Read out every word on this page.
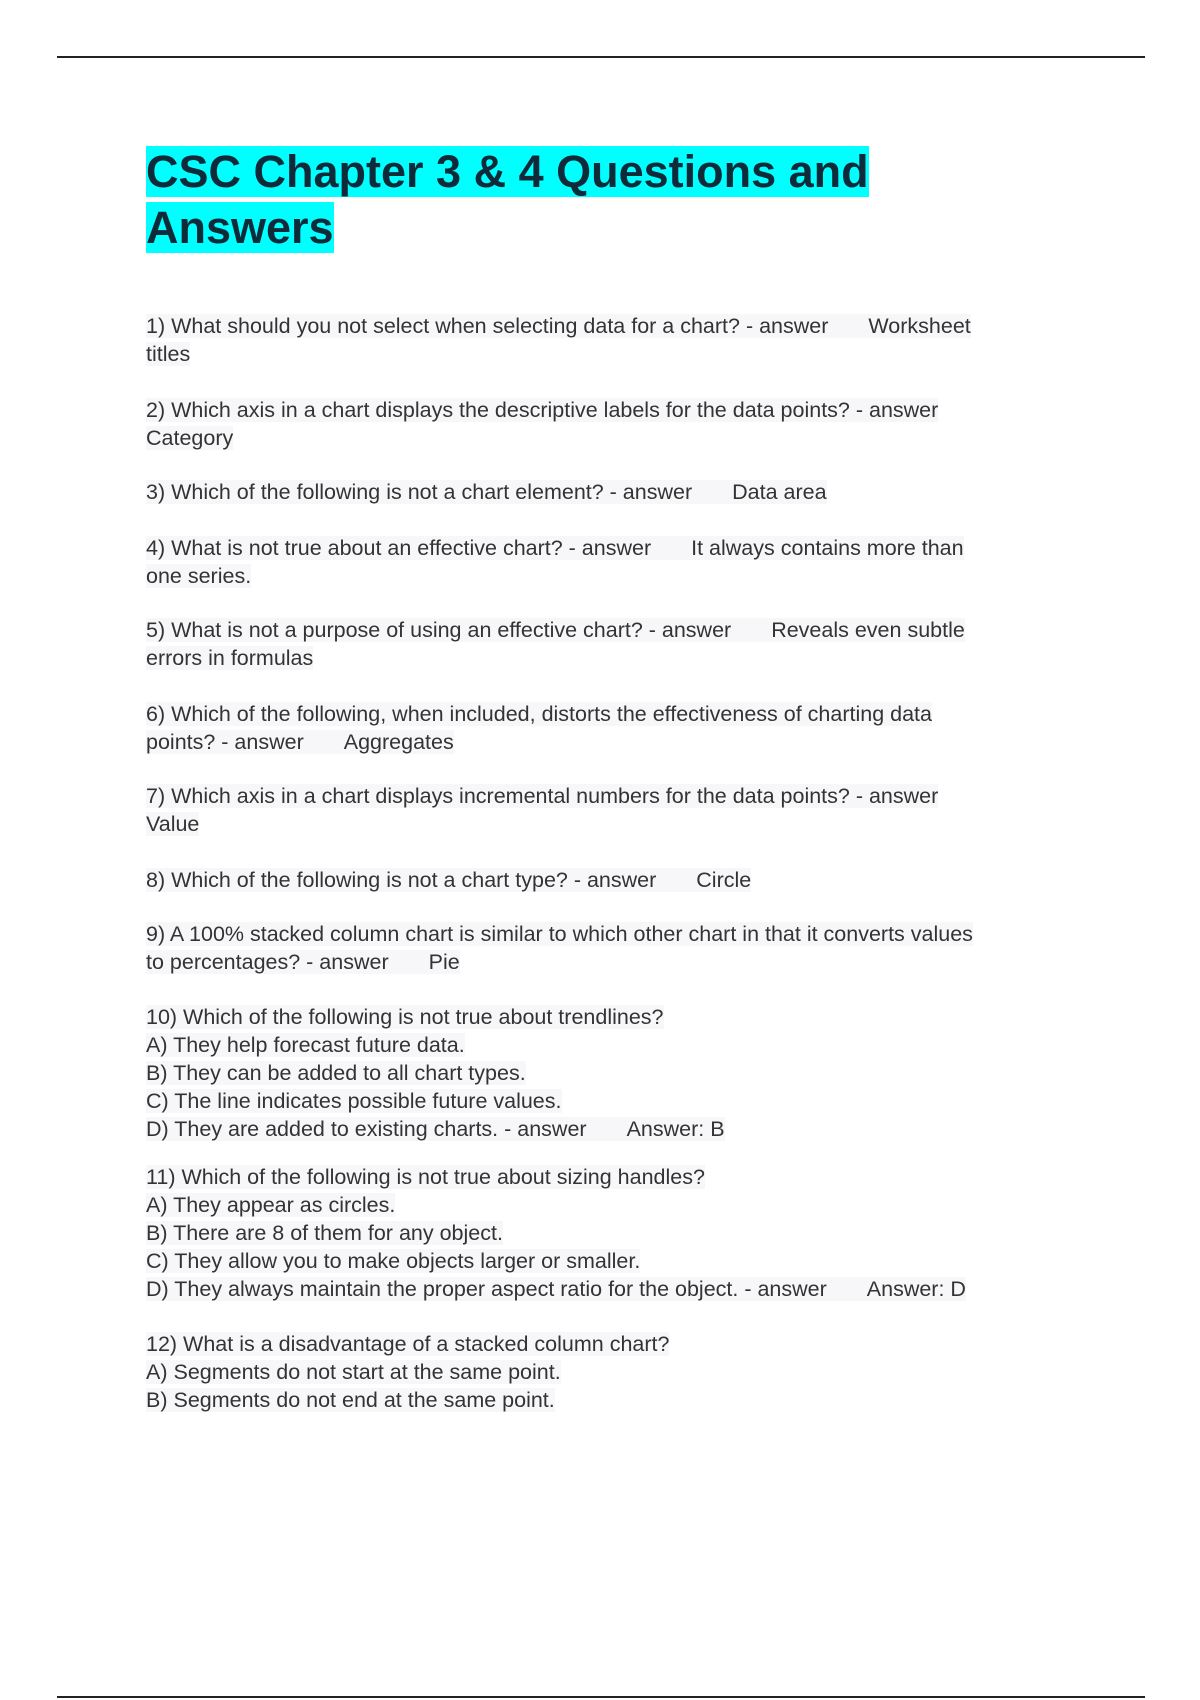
CSC Chapter 3 & 4 Questions and
Answers
1) What should you not select when selecting data for a chart? - answer Worksheet
titles
2) Which axis in a chart displays the descriptive labels for the data points? - answer
Category
3) Which of the following is not a chart element? - answer Data area
4) What is not true about an effective chart? - answer It always contains more than
one series.
5) What is not a purpose of using an effective chart? - answer Reveals even subtle
errors in formulas
6) Which of the following, when included, distorts the effectiveness of charting data
points? - answer Aggregates
7) Which axis in a chart displays incremental numbers for the data points? - answer
Value
8) Which of the following is not a chart type? - answer Circle
9) A 100% stacked column chart is similar to which other chart in that it converts values
to percentages? - answer Pie
10) Which of the following is not true about trendlines?
A) They help forecast future data.
B) They can be added to all chart types.
C) The line indicates possible future values.
D) They are added to existing charts. - answer Answer: B
11) Which of the following is not true about sizing handles?
A) They appear as circles.
B) There are 8 of them for any object.
C) They allow you to make objects larger or smaller.
D) They always maintain the proper aspect ratio for the object. - answer Answer: D
12) What is a disadvantage of a stacked column chart?
A) Segments do not start at the same point.
B) Segments do not end at the same point.
